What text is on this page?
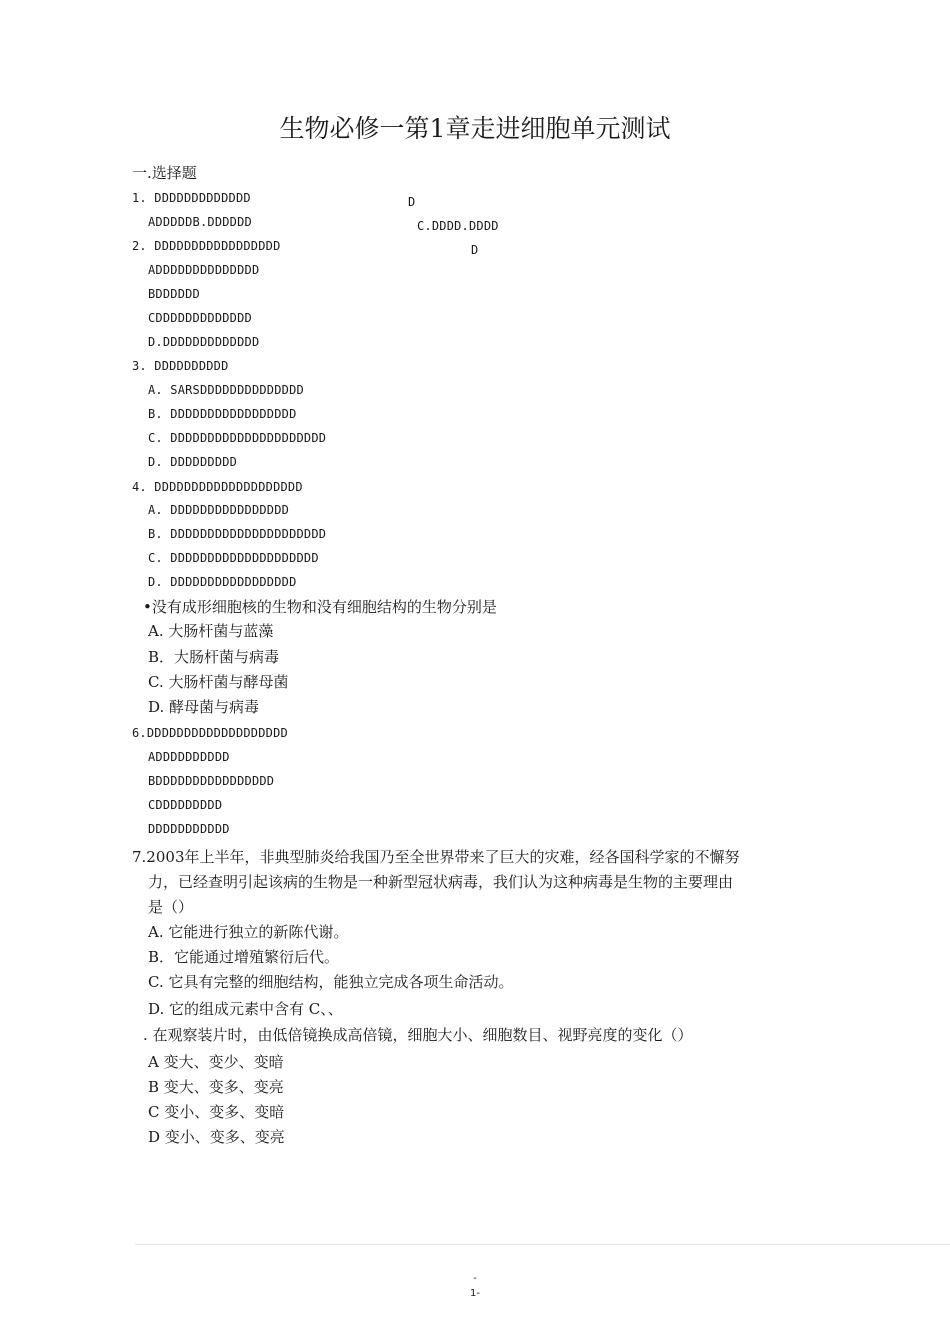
生物必修一第1章走进细胞单元测试
一.选择题
1. DDDDDDDDDDDDD
ADDDDDB.DDDDDD
D
C.DDDD.DDDD
D
2. DDDDDDDDDDDDDDDDD
ADDDDDDDDDDDDDD
BDDDDDD
CDDDDDDDDDDDDD
D.DDDDDDDDDDDDD
3. DDDDDDDDDD
A. SARSDDDDDDDDDDDDDD
B. DDDDDDDDDDDDDDDDD
C. DDDDDDDDDDDDDDDDDDDDD
D. DDDDDDDDD
4. DDDDDDDDDDDDDDDDDDDD
A. DDDDDDDDDDDDDDDD
B. DDDDDDDDDDDDDDDDDDDDD
C. DDDDDDDDDDDDDDDDDDDD
D. DDDDDDDDDDDDDDDDD
•没有成形细胞核的生物和没有细胞结构的生物分别是
A. 大肠杆菌与蓝藻
B．大肠杆菌与病毒
C. 大肠杆菌与酵母菌
D. 酵母菌与病毒
6.DDDDDDDDDDDDDDDDDDD
ADDDDDDDDDD
BDDDDDDDDDDDDDDDD
CDDDDDDDDD
DDDDDDDDDDD
7.2003年上半年，非典型肺炎给我国乃至全世界带来了巨大的灾难，经各国科学家的不懈努
力，已经查明引起该病的生物是一种新型冠状病毒，我们认为这种病毒是生物的主要理由
是（）
A. 它能进行独立的新陈代谢。
B．它能通过增殖繁衍后代。
C. 它具有完整的细胞结构，能独立完成各项生命活动。
D. 它的组成元素中含有 C、、
. 在观察装片时，由低倍镜换成高倍镜，细胞大小、细胞数目、视野亮度的变化（）
A 变大、变少、变暗
B 变大、变多、变亮
C 变小、变多、变暗
D 变小、变多、变亮
-
1-
